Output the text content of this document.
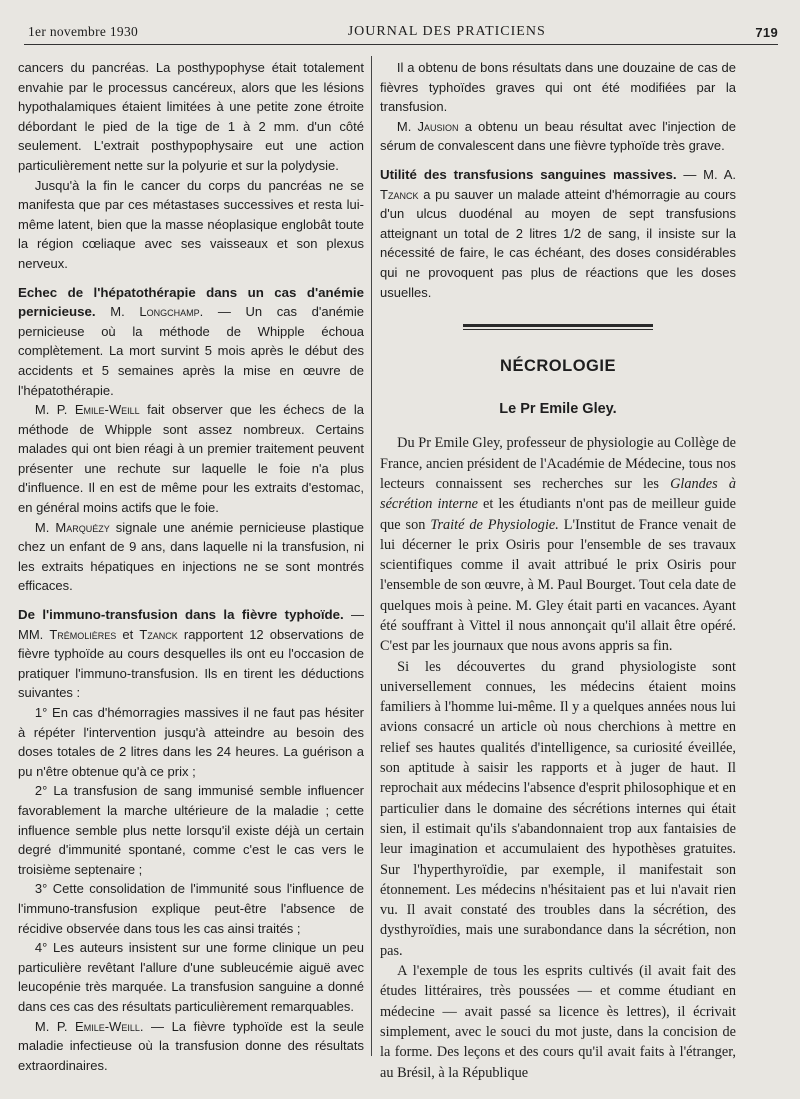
1er novembre 1930	JOURNAL DES PRATICIENS	719

cancers du pancréas. La posthypophyse était totalement envahie par le processus cancéreux, alors que les lésions hypothalamiques étaient limitées à une petite zone étroite débordant le pied de la tige de 1 à 2 mm. d'un côté seulement. L'extrait posthypophysaire eut une action particulièrement nette sur la polyurie et sur la polydysie.

Jusqu'à la fin le cancer du corps du pancréas ne se manifesta que par ces métastases successives et resta lui-même latent, bien que la masse néoplasique englobât toute la région cœliaque avec ses vaisseaux et son plexus nerveux.

Echec de l'hépatothérapie dans un cas d'anémie pernicieuse. M. Longchamp. — Un cas d'anémie pernicieuse où la méthode de Whipple échoua complètement. La mort survint 5 mois après le début des accidents et 5 semaines après la mise en œuvre de l'hépatothérapie.

M. P. Emile-Weill fait observer que les échecs de la méthode de Whipple sont assez nombreux. Certains malades qui ont bien réagi à un premier traitement peuvent présenter une rechute sur laquelle le foie n'a plus d'influence. Il en est de même pour les extraits d'estomac, en général moins actifs que le foie.

M. Marquézy signale une anémie pernicieuse plastique chez un enfant de 9 ans, dans laquelle ni la transfusion, ni les extraits hépatiques en injections ne se sont montrés efficaces.

De l'immuno-transfusion dans la fièvre typhoïde. — MM. Trémolières et Tzanck rapportent 12 observations de fièvre typhoïde au cours desquelles ils ont eu l'occasion de pratiquer l'immuno-transfusion. Ils en tirent les déductions suivantes :

1° En cas d'hémorragies massives il ne faut pas hésiter à répéter l'intervention jusqu'à atteindre au besoin des doses totales de 2 litres dans les 24 heures. La guérison a pu n'être obtenue qu'à ce prix ;

2° La transfusion de sang immunisé semble influencer favorablement la marche ultérieure de la maladie ; cette influence semble plus nette lorsqu'il existe déjà un certain degré d'immunité spontané, comme c'est le cas vers le troisième septenaire ;

3° Cette consolidation de l'immunité sous l'influence de l'immuno-transfusion explique peut-être l'absence de récidive observée dans tous les cas ainsi traités ;

4° Les auteurs insistent sur une forme clinique un peu particulière revêtant l'allure d'une subleucémie aiguë avec leucopénie très marquée. La transfusion sanguine a donné dans ces cas des résultats particulièrement remarquables.

M. P. Emile-Weill. — La fièvre typhoïde est la seule maladie infectieuse où la transfusion donne des résultats extraordinaires.

Il a obtenu de bons résultats dans une douzaine de cas de fièvres typhoïdes graves qui ont été modifiées par la transfusion.

M. Jausion a obtenu un beau résultat avec l'injection de sérum de convalescent dans une fièvre typhoïde très grave.

Utilité des transfusions sanguines massives. — M. A. Tzanck a pu sauver un malade atteint d'hémorragie au cours d'un ulcus duodénal au moyen de sept transfusions atteignant un total de 2 litres 1/2 de sang, il insiste sur la nécessité de faire, le cas échéant, des doses considérables qui ne provoquent pas plus de réactions que les doses usuelles.

NÉCROLOGIE
Le Pr Emile Gley.

Du Pr Emile Gley, professeur de physiologie au Collège de France, ancien président de l'Académie de Médecine, tous nos lecteurs connaissent ses recherches sur les Glandes à sécrétion interne et les étudiants n'ont pas de meilleur guide que son Traité de Physiologie. L'Institut de France venait de lui décerner le prix Osiris pour l'ensemble de ses travaux scientifiques comme il avait attribué le prix Osiris pour l'ensemble de son œuvre, à M. Paul Bourget. Tout cela date de quelques mois à peine. M. Gley était parti en vacances. Ayant été souffrant à Vittel il nous annonçait qu'il allait être opéré. C'est par les journaux que nous avons appris sa fin.

Si les découvertes du grand physiologiste sont universellement connues, les médecins étaient moins familiers à l'homme lui-même. Il y a quelques années nous lui avions consacré un article où nous cherchions à mettre en relief ses hautes qualités d'intelligence, sa curiosité éveillée, son aptitude à saisir les rapports et à juger de haut. Il reprochait aux médecins l'absence d'esprit philosophique et en particulier dans le domaine des sécrétions internes qui était sien, il estimait qu'ils s'abandonnaient trop aux fantaisies de leur imagination et accumulaient des hypothèses gratuites. Sur l'hyperthyroïdie, par exemple, il manifestait son étonnement. Les médecins n'hésitaient pas et lui n'avait rien vu. Il avait constaté des troubles dans la sécrétion, des dysthyroïdies, mais une surabondance dans la sécrétion, non pas.

A l'exemple de tous les esprits cultivés (il avait fait des études littéraires, très poussées — et comme étudiant en médecine — avait passé sa licence ès lettres), il écrivait simplement, avec le souci du mot juste, dans la concision de la forme. Des leçons et des cours qu'il avait faits à l'étranger, au Brésil, à la République
